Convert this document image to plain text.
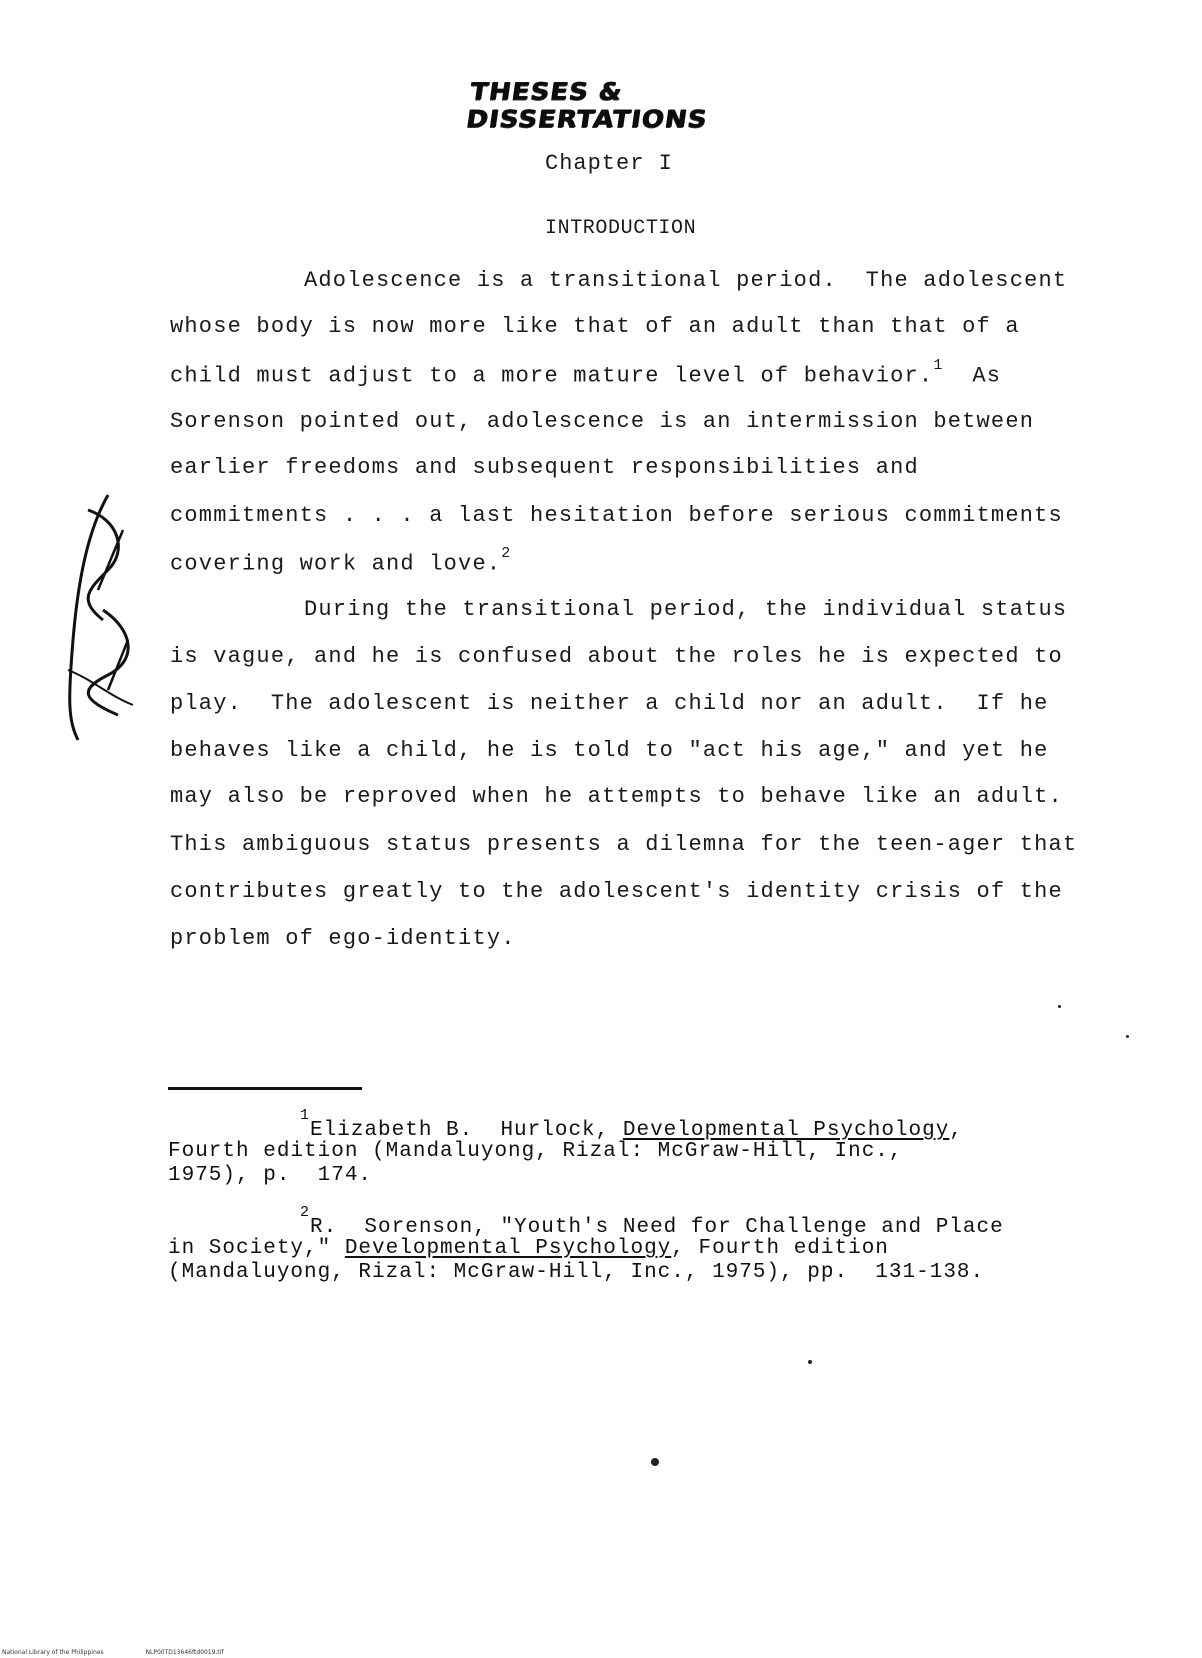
THESES & DISSERTATIONS
Chapter I
INTRODUCTION
Adolescence is a transitional period.  The adolescent
whose body is now more like that of an adult than that of a
child must adjust to a more mature level of behavior.$^1$  As
Sorenson pointed out, adolescence is an intermission between
earlier freedoms and subsequent responsibilities and
commitments . . . a last hesitation before serious commitments
covering work and love.$^2$
During the transitional period, the individual status
is vague, and he is confused about the roles he is expected to
play.  The adolescent is neither a child nor an adult.  If he
behaves like a child, he is told to "act his age," and yet he
may also be reproved when he attempts to behave like an adult.
This ambiguous status presents a dilemna for the teen-ager that
contributes greatly to the adolescent's identity crisis of the
problem of ego-identity.
$^1$Elizabeth B.  Hurlock, Developmental Psychology,
Fourth edition (Mandaluyong, Rizal: McGraw-Hill, Inc.,
1975), p.  174.
$^2$R.  Sorenson, "Youth's Need for Challenge and Place
in Society," Developmental Psychology, Fourth edition
(Mandaluyong, Rizal: McGraw-Hill, Inc., 1975), pp.  131-138.
National Library of the Philippines	NLP00TD13646ftd0019.tif
